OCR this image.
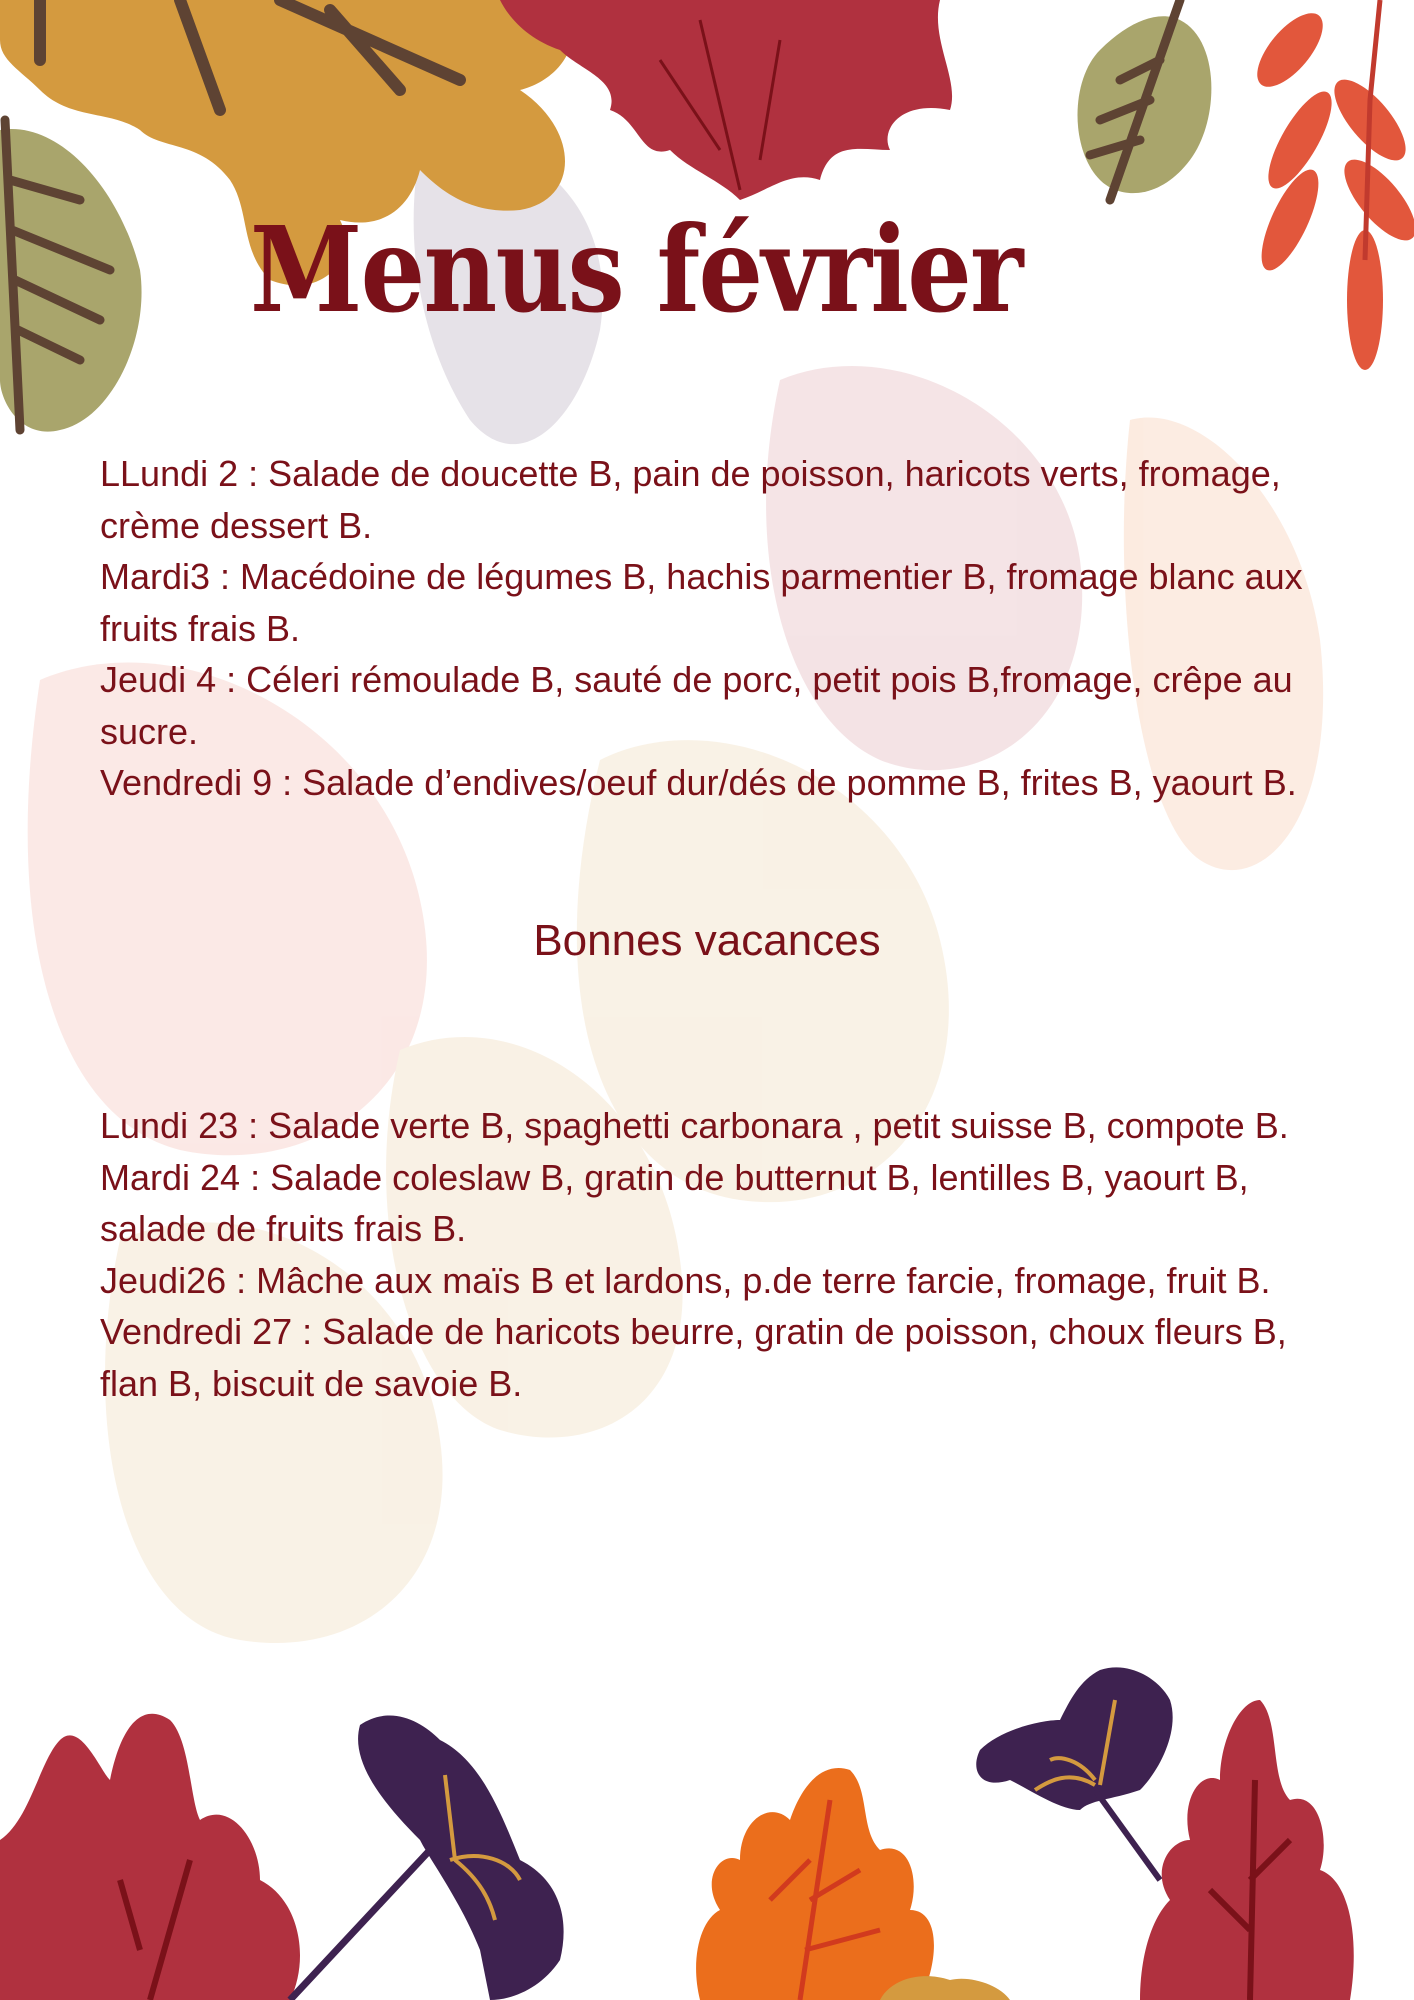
Menus février

LLundi 2 : Salade de doucette B, pain de poisson, haricots verts, fromage, crème dessert B.

Mardi3 : Macédoine de légumes B, hachis parmentier B, fromage blanc aux fruits frais B.

Jeudi 4 : Céleri rémoulade B, sauté de porc, petit pois B,fromage, crêpe au sucre.

Vendredi 9 : Salade d’endives/oeuf dur/dés de pomme B, frites B, yaourt B.

Bonnes vacances

Lundi 23 : Salade verte B, spaghetti carbonara , petit suisse B, compote B.

Mardi 24 : Salade coleslaw B, gratin de butternut B, lentilles B, yaourt B, salade de fruits frais B.

Jeudi26 : Mâche aux maïs B et lardons, p.de terre farcie, fromage, fruit B.

Vendredi 27 : Salade de haricots beurre, gratin de poisson, choux fleurs B, flan B, biscuit de savoie B.
